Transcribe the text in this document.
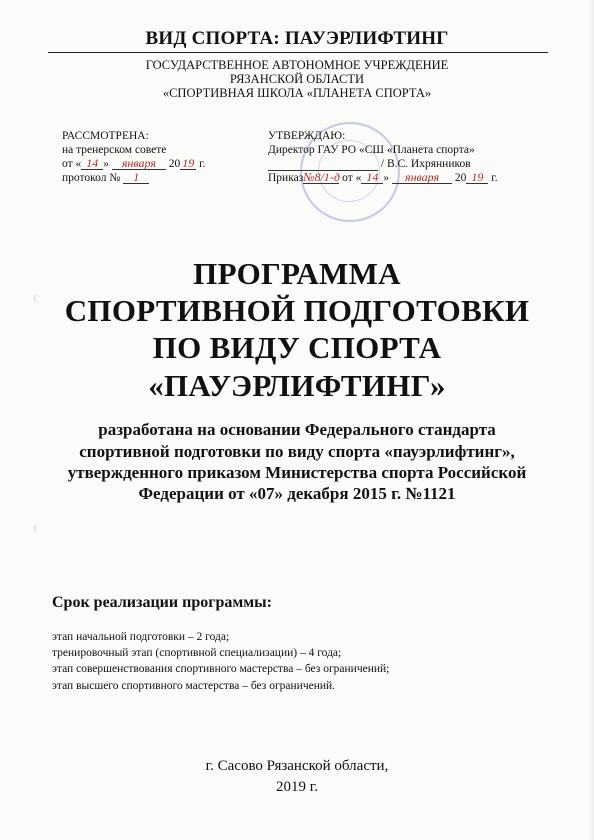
ВИД СПОРТА: ПАУЭРЛИФТИНГ
ГОСУДАРСТВЕННОЕ АВТОНОМНОЕ УЧРЕЖДЕНИЕ
РЯЗАНСКОЙ ОБЛАСТИ
«СПОРТИВНАЯ ШКОЛА «ПЛАНЕТА СПОРТА»
РАССМОТРЕНА:
на тренерском совете
от « 14 » января 20 19 г.
протокол № 1
УТВЕРЖДАЮ:
Директор ГАУ РО «СШ «Планета спорта»
/ В.С. Ихрянников
Приказ№8/1-д от « 14 » января 20 19 г.
ПРОГРАММА
СПОРТИВНОЙ ПОДГОТОВКИ
ПО ВИДУ СПОРТА
«ПАУЭРЛИФТИНГ»
разработана на основании Федерального стандарта
спортивной подготовки по виду спорта «пауэрлифтинг»,
утвержденного приказом Министерства спорта Российской
Федерации от «07» декабря 2015 г. №1121
Срок реализации программы:
этап начальной подготовки – 2 года;
тренировочный этап (спортивной специализации) – 4 года;
этап совершенствования спортивного мастерства – без ограничений;
этап высшего спортивного мастерства – без ограничений.
г. Сасово Рязанской области,
2019 г.
